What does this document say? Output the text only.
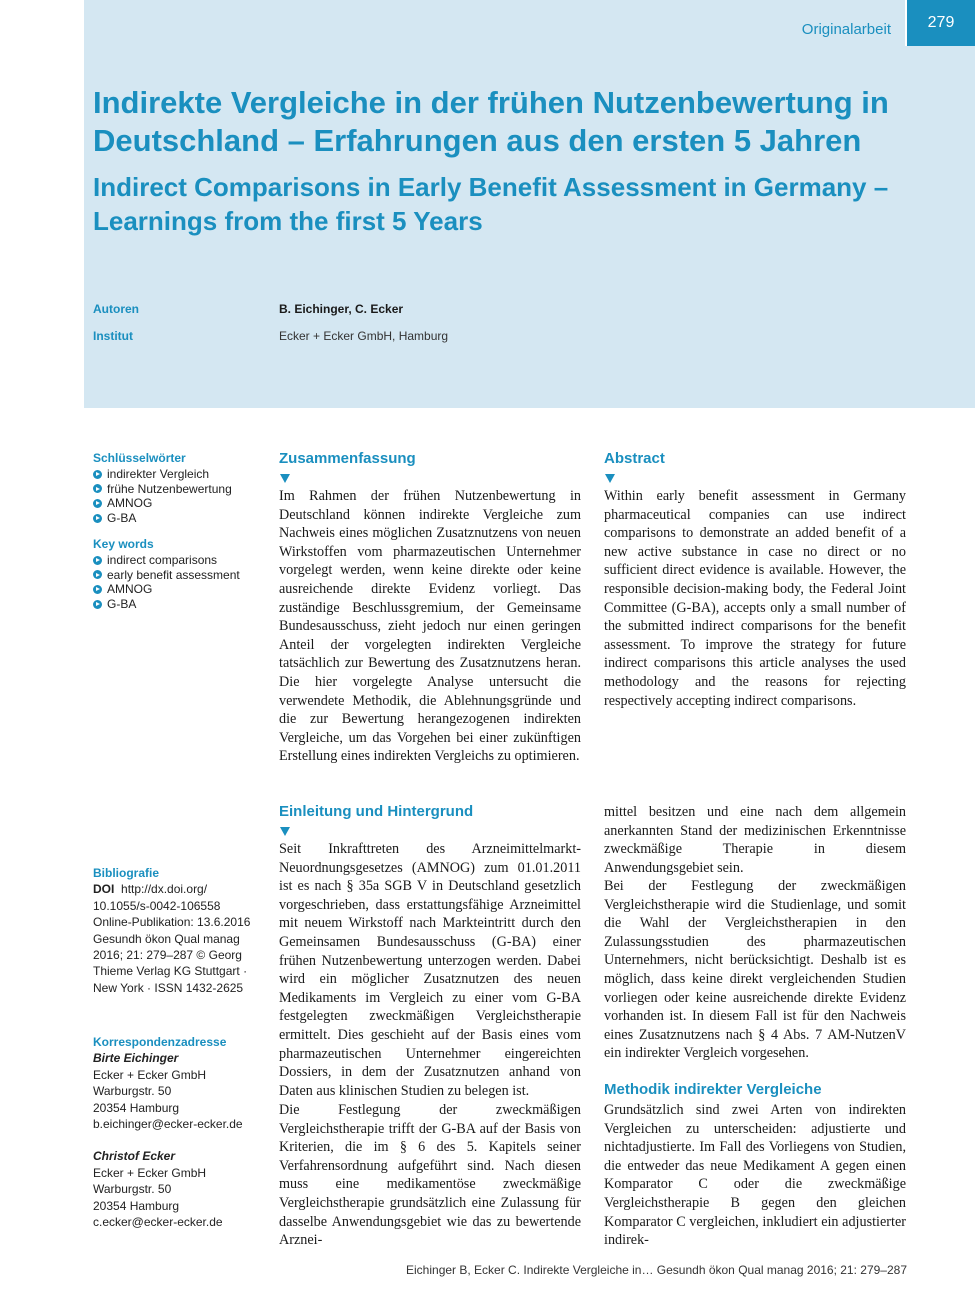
Originalarbeit	279
Indirekte Vergleiche in der frühen Nutzenbewertung in Deutschland – Erfahrungen aus den ersten 5 Jahren
Indirect Comparisons in Early Benefit Assessment in Germany – Learnings from the first 5 Years
Autoren	B. Eichinger, C. Ecker
Institut	Ecker + Ecker GmbH, Hamburg
Schlüsselwörter
indirekter Vergleich
frühe Nutzenbewertung
AMNOG
G-BA
Key words
indirect comparisons
early benefit assessment
AMNOG
G-BA
Zusammenfassung

Im Rahmen der frühen Nutzenbewertung in Deutschland können indirekte Vergleiche zum Nachweis eines möglichen Zusatznutzens von neuen Wirkstoffen vom pharmazeutischen Unternehmer vorgelegt werden, wenn keine direkte oder keine ausreichende direkte Evidenz vorliegt. Das zuständige Beschlussgremium, der Gemeinsame Bundesausschuss, zieht jedoch nur einen geringen Anteil der vorgelegten indirekten Vergleiche tatsächlich zur Bewertung des Zusatznutzens heran. Die hier vorgelegte Analyse untersucht die verwendete Methodik, die Ablehnungsgründe und die zur Bewertung herangezogenen indirekten Vergleiche, um das Vorgehen bei einer zukünftigen Erstellung eines indirekten Vergleichs zu optimieren.

Abstract

Within early benefit assessment in Germany pharmaceutical companies can use indirect comparisons to demonstrate an added benefit of a new active substance in case no direct or no sufficient direct evidence is available. However, the responsible decision-making body, the Federal Joint Committee (G-BA), accepts only a small number of the submitted indirect comparisons for the benefit assessment. To improve the strategy for future indirect comparisons this article analyses the used methodology and the reasons for rejecting respectively accepting indirect comparisons.

Einleitung und Hintergrund

Seit Inkrafttreten des Arzneimittelmarkt-Neuordnungsgesetzes (AMNOG) zum 01.01.2011 ist es nach § 35a SGB V in Deutschland gesetzlich vorgeschrieben, dass erstattungsfähige Arzneimittel mit neuem Wirkstoff nach Markteintritt durch den Gemeinsamen Bundesausschuss (G-BA) einer frühen Nutzenbewertung unterzogen werden. Dabei wird ein möglicher Zusatznutzen des neuen Medikaments im Vergleich zu einer vom G-BA festgelegten zweckmäßigen Vergleichstherapie ermittelt. Dies geschieht auf der Basis eines vom pharmazeutischen Unternehmer eingereichten Dossiers, in dem der Zusatznutzen anhand von Daten aus klinischen Studien zu belegen ist.

Die Festlegung der zweckmäßigen Vergleichstherapie trifft der G-BA auf der Basis von Kriterien, die im § 6 des 5. Kapitels seiner Verfahrensordnung aufgeführt sind. Nach diesen muss eine medikamentöse zweckmäßige Vergleichstherapie grundsätzlich eine Zulassung für dasselbe Anwendungsgebiet wie das zu bewertende Arznei-

mittel besitzen und eine nach dem allgemein anerkannten Stand der medizinischen Erkenntnisse zweckmäßige Therapie in diesem Anwendungsgebiet sein.

Bei der Festlegung der zweckmäßigen Vergleichstherapie wird die Studienlage, und somit die Wahl der Vergleichstherapien in den Zulassungsstudien des pharmazeutischen Unternehmers, nicht berücksichtigt. Deshalb ist es möglich, dass keine direkt vergleichenden Studien vorliegen oder keine ausreichende direkte Evidenz vorhanden ist. In diesem Fall ist für den Nachweis eines Zusatznutzens nach § 4 Abs. 7 AM-NutzenV ein indirekter Vergleich vorgesehen.

Methodik indirekter Vergleiche

Grundsätzlich sind zwei Arten von indirekten Vergleichen zu unterscheiden: adjustierte und nichtadjustierte. Im Fall des Vorliegens von Studien, die entweder das neue Medikament A gegen einen Komparator C oder die zweckmäßige Vergleichstherapie B gegen den gleichen Komparator C vergleichen, inkludiert ein adjustierter indirek-

Bibliografie
DOI http://dx.doi.org/
10.1055/s-0042-106558
Online-Publikation: 13.6.2016
Gesundh ökon Qual manag
2016; 21: 279–287 © Georg
Thieme Verlag KG Stuttgart ·
New York · ISSN 1432-2625
Korrespondenzadresse
Birte Eichinger
Ecker + Ecker GmbH
Warburgstr. 50
20354 Hamburg
b.eichinger@ecker-ecker.de
Christof Ecker
Ecker + Ecker GmbH
Warburgstr. 50
20354 Hamburg
c.ecker@ecker-ecker.de
Eichinger B, Ecker C. Indirekte Vergleiche in… Gesundh ökon Qual manag 2016; 21: 279–287
